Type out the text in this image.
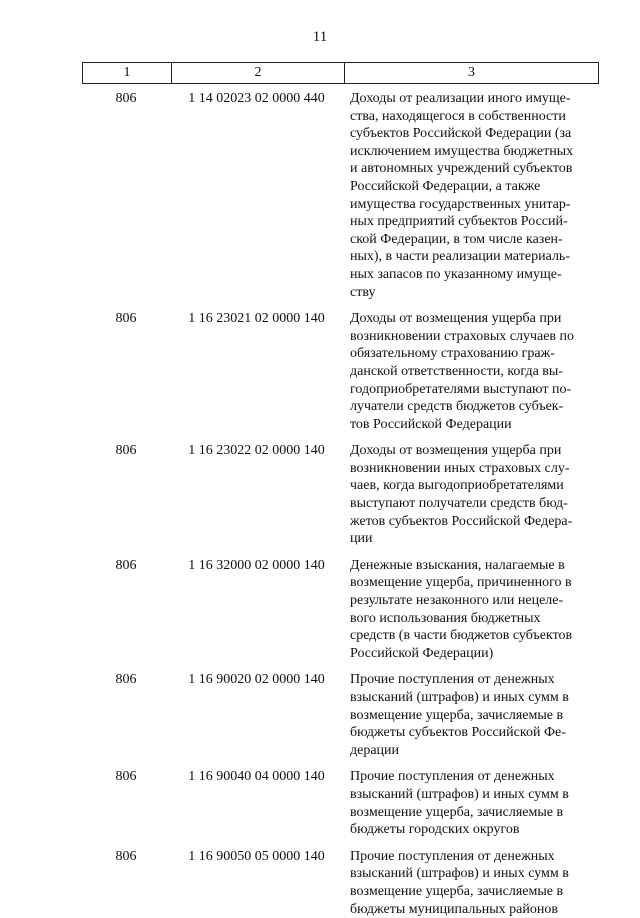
11
1	2	3
806	1 14 02023 02 0000 440	Доходы от реализации иного имуще-
ства, находящегося в собственности
субъектов Российской Федерации (за
исключением имущества бюджетных
и автономных учреждений субъектов
Российской Федерации, а также
имущества государственных унитар-
ных предприятий субъектов Россий-
ской Федерации, в том числе казен-
ных), в части реализации материаль-
ных запасов по указанному имуще-
ству
806	1 16 23021 02 0000 140	Доходы от возмещения ущерба при
возникновении страховых случаев по
обязательному страхованию граж-
данской ответственности, когда вы-
годоприобретателями выступают по-
лучатели средств бюджетов субъек-
тов Российской Федерации
806	1 16 23022 02 0000 140	Доходы от возмещения ущерба при
возникновении иных страховых слу-
чаев, когда выгодоприобретателями
выступают получатели средств бюд-
жетов субъектов Российской Федера-
ции
806	1 16 32000 02 0000 140	Денежные взыскания, налагаемые в
возмещение ущерба, причиненного в
результате незаконного или нецеле-
вого использования бюджетных
средств (в части бюджетов субъектов
Российской Федерации)
806	1 16 90020 02 0000 140	Прочие поступления от денежных
взысканий (штрафов) и иных сумм в
возмещение ущерба, зачисляемые в
бюджеты субъектов Российской Фе-
дерации
806	1 16 90040 04 0000 140	Прочие поступления от денежных
взысканий (штрафов) и иных сумм в
возмещение ущерба, зачисляемые в
бюджеты городских округов
806	1 16 90050 05 0000 140	Прочие поступления от денежных
взысканий (штрафов) и иных сумм в
возмещение ущерба, зачисляемые в
бюджеты муниципальных районов
